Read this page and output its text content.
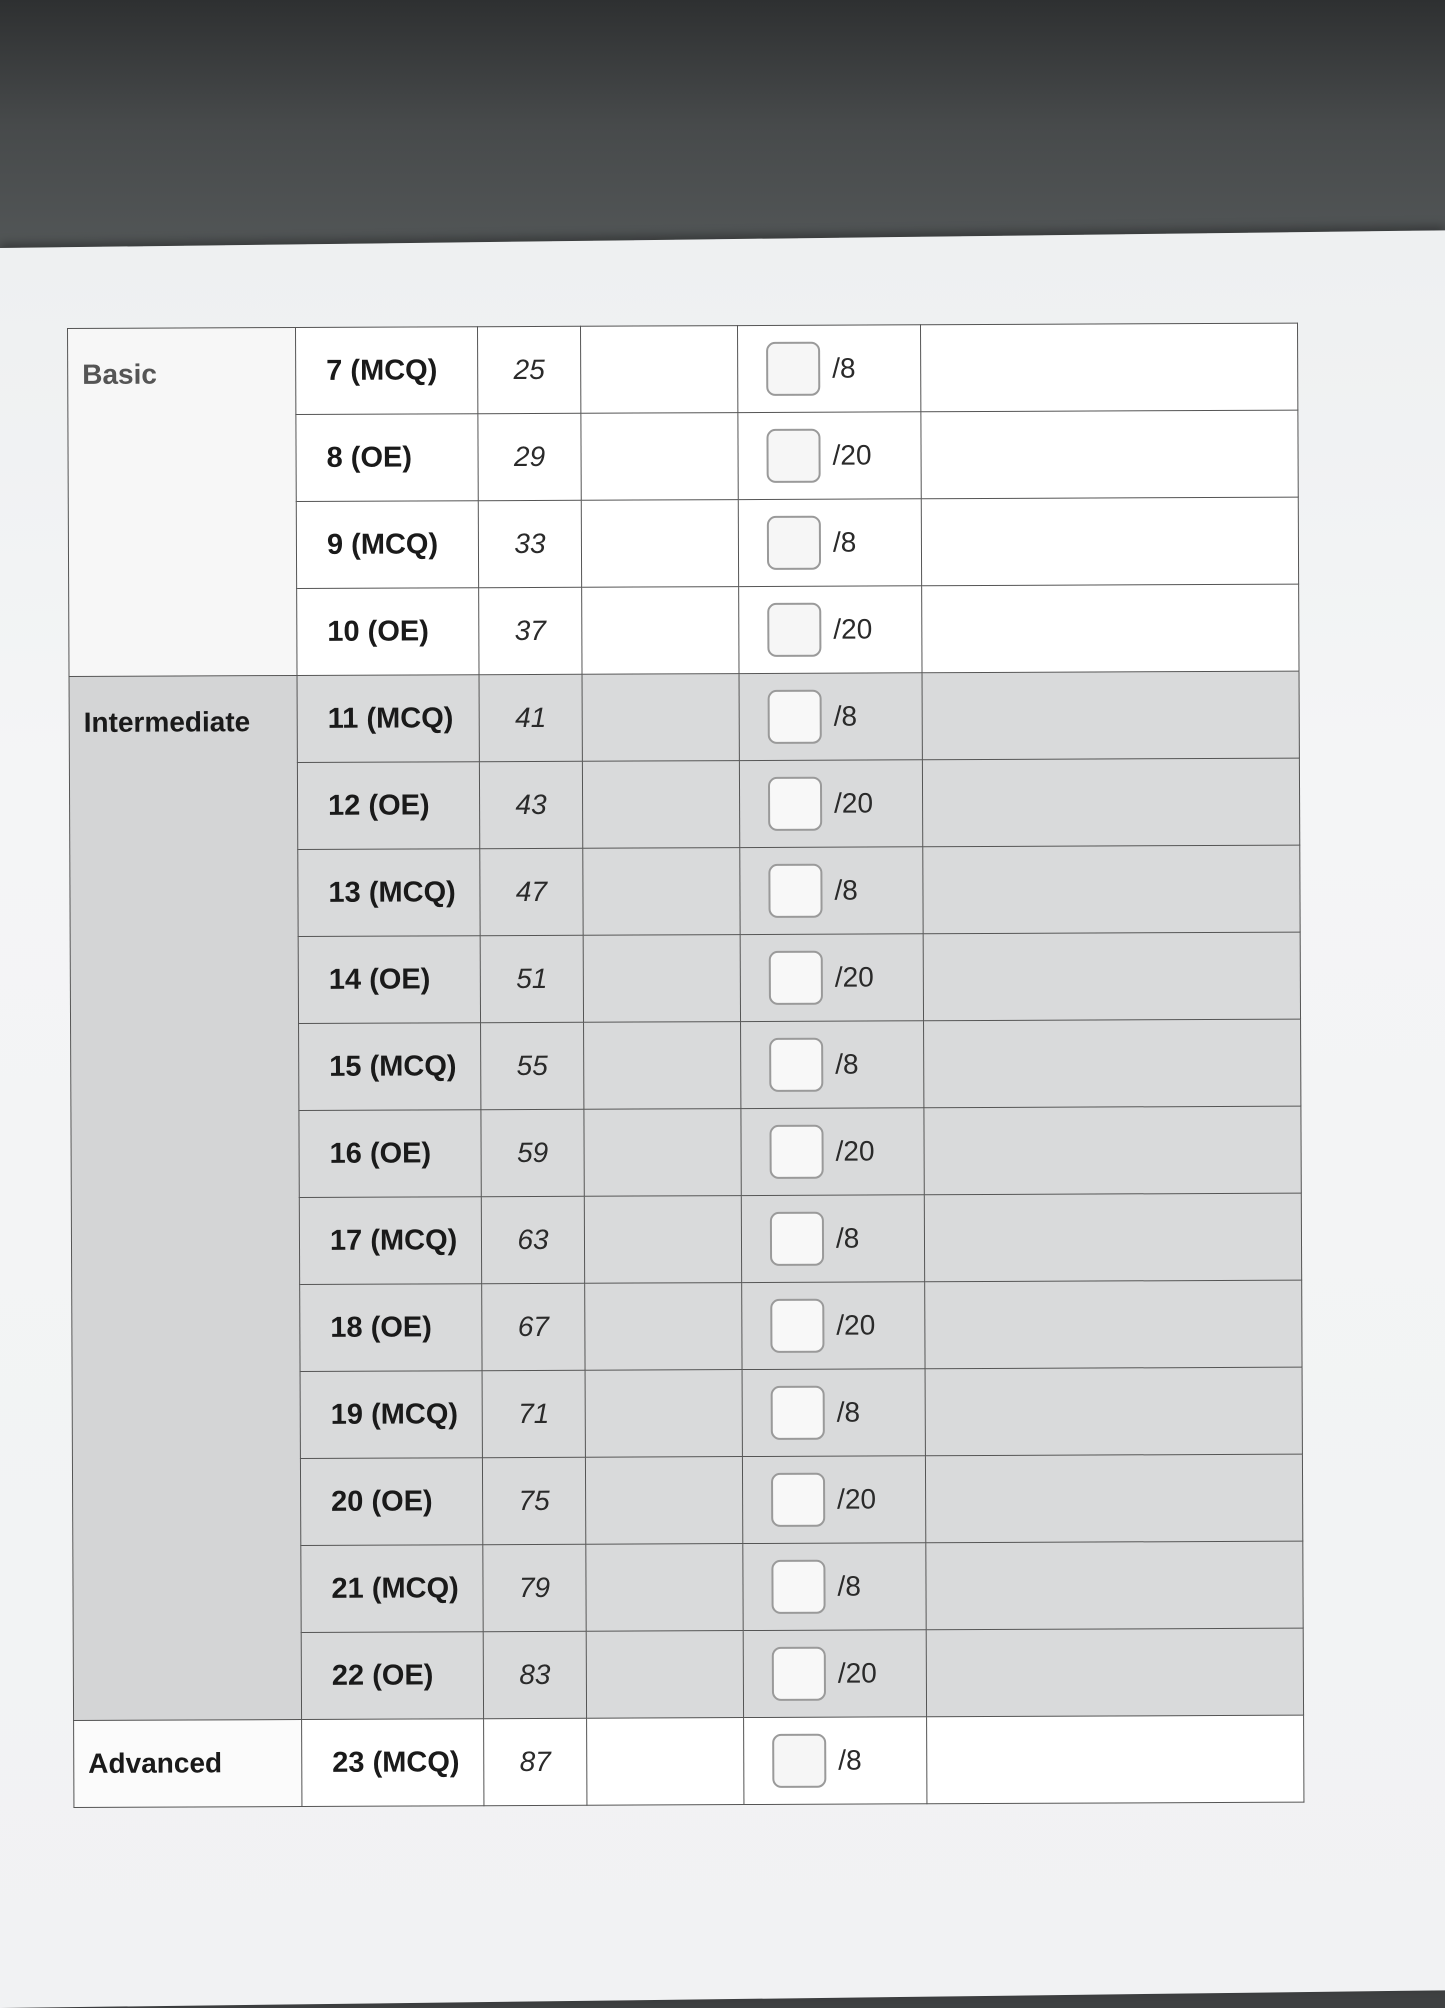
Basic	7 (MCQ)	25		/8	

	8 (OE)	29		/20	

	9 (MCQ)	33		/8	

	10 (OE)	37		/20	

Intermediate	11 (MCQ)	41		/8	

	12 (OE)	43		/20	

	13 (MCQ)	47		/8	

	14 (OE)	51		/20	

	15 (MCQ)	55		/8	

	16 (OE)	59		/20	

	17 (MCQ)	63		/8	

	18 (OE)	67		/20	

	19 (MCQ)	71		/8	

	20 (OE)	75		/20	

	21 (MCQ)	79		/8	

	22 (OE)	83		/20	

Advanced	23 (MCQ)	87		/8	
